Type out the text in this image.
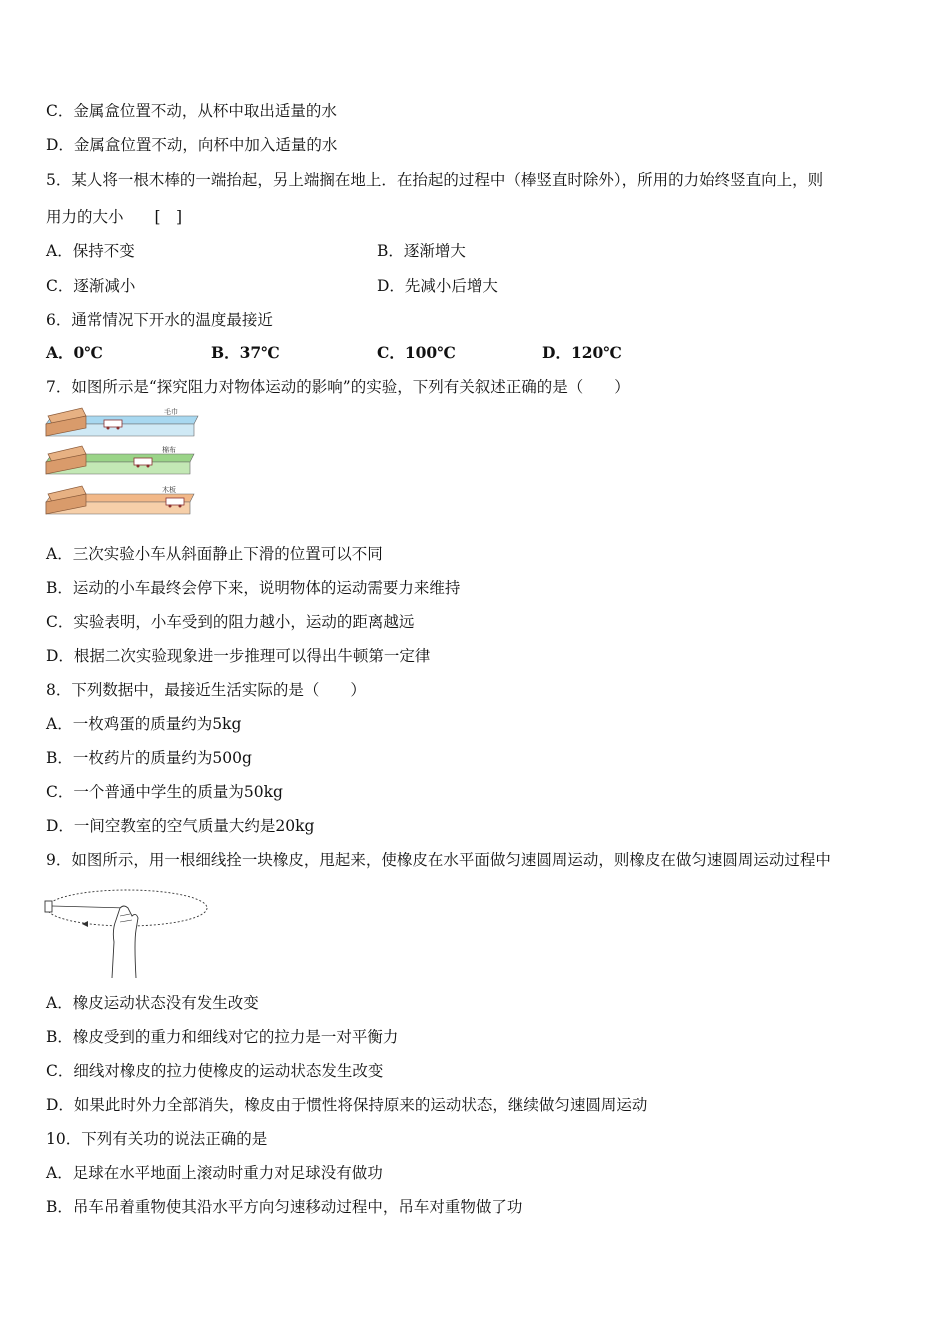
C．金属盒位置不动，从杯中取出适量的水
D．金属盒位置不动，向杯中加入适量的水
5．某人将一根木棒的一端抬起，另上端搁在地上．在抬起的过程中（棒竖直时除外），所用的力始终竖直向上，则
用力的大小　　[　]
A．保持不变	B．逐渐增大
C．逐渐减小	D．先减小后增大
6．通常情况下开水的温度最接近
A．0℃	B．37℃	C．100℃	D．120℃
7．如图所示是“探究阻力对物体运动的影响”的实验，下列有关叙述正确的是（　　）
毛巾
棉布
木板
A．三次实验小车从斜面静止下滑的位置可以不同
B．运动的小车最终会停下来，说明物体的运动需要力来维持
C．实验表明，小车受到的阻力越小，运动的距离越远
D．根据二次实验现象进一步推理可以得出牛顿第一定律
8．下列数据中，最接近生活实际的是（　　）
A．一枚鸡蛋的质量约为5kg
B．一枚药片的质量约为500g
C．一个普通中学生的质量为50kg
D．一间空教室的空气质量大约是20kg
9．如图所示，用一根细线拴一块橡皮，甩起来，使橡皮在水平面做匀速圆周运动，则橡皮在做匀速圆周运动过程中
A．橡皮运动状态没有发生改变
B．橡皮受到的重力和细线对它的拉力是一对平衡力
C．细线对橡皮的拉力使橡皮的运动状态发生改变
D．如果此时外力全部消失，橡皮由于惯性将保持原来的运动状态，继续做匀速圆周运动
10．下列有关功的说法正确的是
A．足球在水平地面上滚动时重力对足球没有做功
B．吊车吊着重物使其沿水平方向匀速移动过程中，吊车对重物做了功
